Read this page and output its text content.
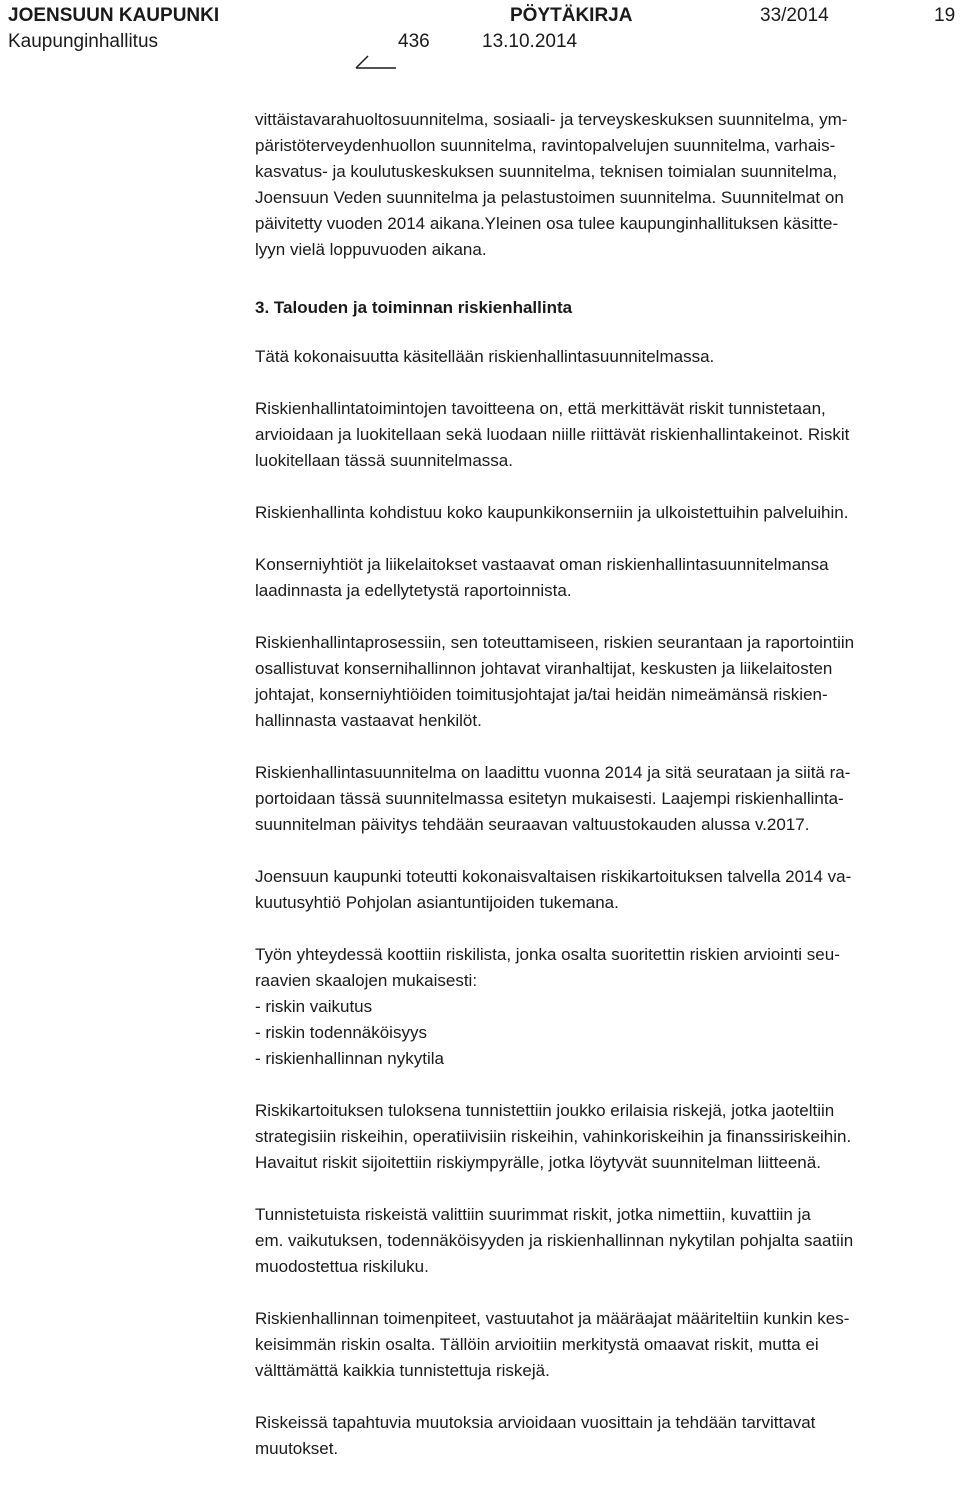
JOENSUUN KAUPUNKI	PÖYTÄKIRJA	33/2014	19
Kaupunginhallitus	436	13.10.2014

vittäistavarahuoltosuunnitelma, sosiaali- ja terveyskeskuksen suunnitelma, ym-
päristöterveydenhuollon suunnitelma, ravintopalvelujen suunnitelma, varhais-
kasvatus- ja koulutuskeskuksen suunnitelma, teknisen toimialan suunnitelma,
Joensuun Veden suunnitelma ja pelastustoimen suunnitelma. Suunnitelmat on
päivitetty vuoden 2014 aikana.Yleinen osa tulee kaupunginhallituksen käsitte-
lyyn vielä loppuvuoden aikana.

3. Talouden ja toiminnan riskienhallinta

Tätä kokonaisuutta käsitellään riskienhallintasuunnitelmassa.

Riskienhallintatoimintojen tavoitteena on, että merkittävät riskit tunnistetaan,
arvioidaan ja luokitellaan sekä luodaan niille riittävät riskienhallintakeinot. Riskit
luokitellaan tässä suunnitelmassa.

Riskienhallinta kohdistuu koko kaupunkikonserniin ja ulkoistettuihin palveluihin.

Konserniyhtiöt ja liikelaitokset vastaavat oman riskienhallintasuunnitelmansa
laadinnasta ja edellytetystä raportoinnista.

Riskienhallintaprosessiin, sen toteuttamiseen, riskien seurantaan ja raportointiin
osallistuvat konsernihallinnon johtavat viranhaltijat, keskusten ja liikelaitosten
johtajat, konserniyhtiöiden toimitusjohtajat ja/tai heidän nimeämänsä riskien-
hallinnasta vastaavat henkilöt.

Riskienhallintasuunnitelma on laadittu vuonna 2014 ja sitä seurataan ja siitä ra-
portoidaan tässä suunnitelmassa esitetyn mukaisesti. Laajempi riskienhallinta-
suunnitelman päivitys tehdään seuraavan valtuustokauden alussa v.2017.

Joensuun kaupunki toteutti kokonaisvaltaisen riskikartoituksen talvella 2014 va-
kuutusyhtiö Pohjolan asiantuntijoiden tukemana.

Työn yhteydessä koottiin riskilista, jonka osalta suoritettin riskien arviointi seu-
raavien skaalojen mukaisesti:
- riskin vaikutus
- riskin todennäköisyys
- riskienhallinnan nykytila

Riskikartoituksen tuloksena tunnistettiin joukko erilaisia riskejä, jotka jaoteltiin
strategisiin riskeihin, operatiivisiin riskeihin, vahinkoriskeihin ja finanssiriskeihin.
Havaitut riskit sijoitettiin riskiympyrälle, jotka löytyvät suunnitelman liitteenä.

Tunnistetuista riskeistä valittiin suurimmat riskit, jotka nimettiin, kuvattiin ja
em. vaikutuksen, todennäköisyyden ja riskienhallinnan nykytilan pohjalta saatiin
muodostettua riskiluku.

Riskienhallinnan toimenpiteet, vastuutahot ja määräajat määriteltiin kunkin kes-
keisimmän riskin osalta. Tällöin arvioitiin merkitystä omaavat riskit, mutta ei
välttämättä kaikkia tunnistettuja riskejä.

Riskeissä tapahtuvia muutoksia arvioidaan vuosittain ja tehdään tarvittavat
muutokset.
